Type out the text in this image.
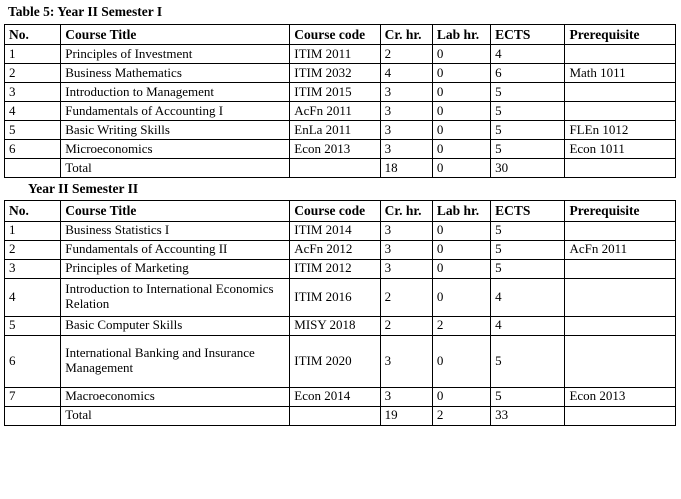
Table 5: Year II Semester I
No.	Course Title	Course code	Cr. hr.	Lab hr.	ECTS	Prerequisite
1	Principles of Investment	ITIM 2011	2	0	4	
2	Business Mathematics	ITIM 2032	4	0	6	Math 1011
3	Introduction to Management	ITIM 2015	3	0	5	
4	Fundamentals of Accounting I	AcFn 2011	3	0	5	
5	Basic Writing Skills	EnLa 2011	3	0	5	FLEn 1012
6	Microeconomics	Econ 2013	3	0	5	Econ 1011
	Total		18	0	30	
Year II Semester II
No.	Course Title	Course code	Cr. hr.	Lab hr.	ECTS	Prerequisite
1	Business Statistics I	ITIM 2014	3	0	5	
2	Fundamentals of Accounting II	AcFn 2012	3	0	5	AcFn 2011
3	Principles of Marketing	ITIM 2012	3	0	5	
4	Introduction to International Economics Relation	ITIM 2016	2	0	4	
5	Basic Computer Skills	MISY 2018	2	2	4	
6	International Banking and Insurance Management	ITIM 2020	3	0	5	
7	Macroeconomics	Econ 2014	3	0	5	Econ 2013
	Total		19	2	33	
